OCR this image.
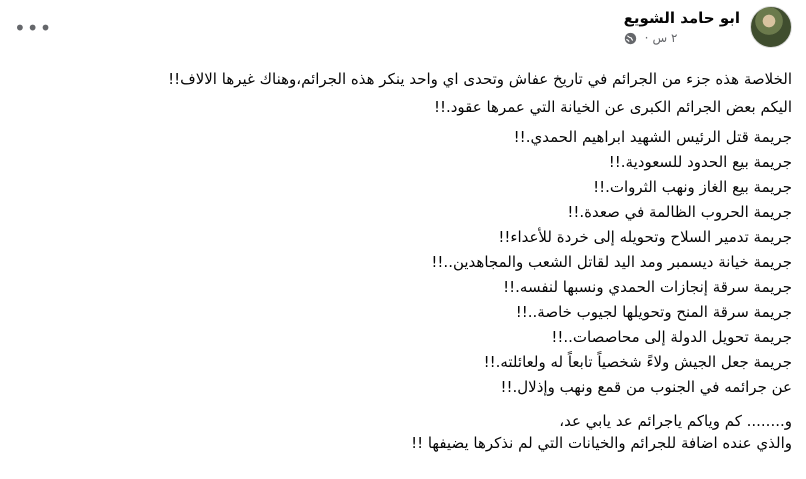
•••	ابو حامد الشويع
٢ س
·

الخلاصة هذه جزء من الجرائم في تاريخ عفاش وتحدى اي واحد ينكر هذه الجرائم،وهناك غيرها الالاف!!

اليكم بعض الجرائم الكبرى عن الخيانة التي عمرها عقود.!!

جريمة قتل الرئيس الشهيد ابراهيم الحمدي.!!
جريمة بيع الحدود للسعودية.!!
جريمة بيع الغاز ونهب الثروات.!!
جريمة الحروب الظالمة في صعدة.!!
جريمة تدمير السلاح وتحويله إلى خردة للأعداء!!
جريمة خيانة ديسمبر ومد اليد لقاتل الشعب والمجاهدين..!!
جريمة سرقة إنجازات الحمدي ونسبها لنفسه.!!
جريمة سرقة المنح وتحويلها لجيوب خاصة..!!
جريمة تحويل الدولة إلى محاصصات..!!
جريمة جعل الجيش ولاءً شخصياً تابعاً له ولعائلته.!!
عن جرائمه في الجنوب من قمع ونهب وإذلال.!!
و........ كم وياكم ياجرائم عد يابي عد،
والذي عنده اضافة للجرائم والخيانات التي لم نذكرها يضيفها !!
